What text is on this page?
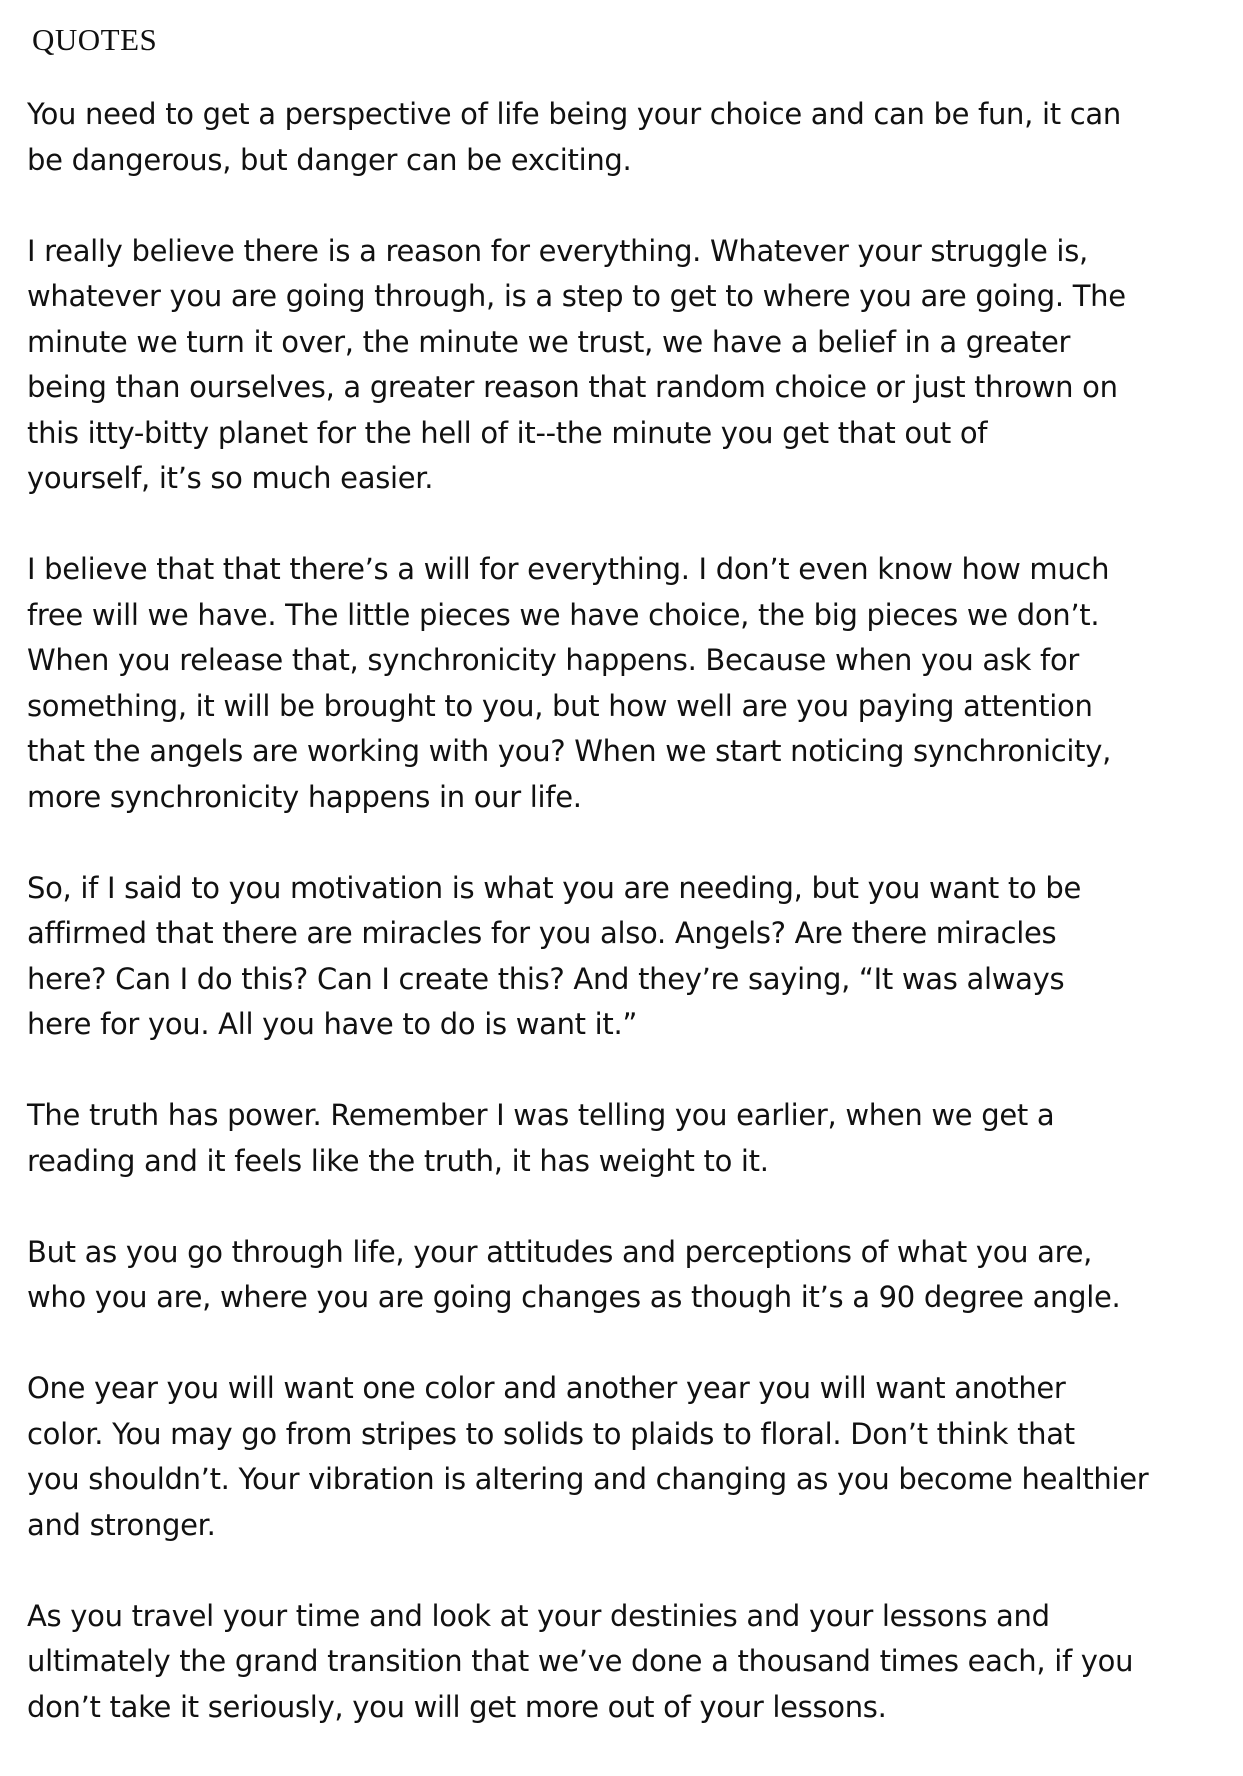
QUOTES

You need to get a perspective of life being your choice and can be fun, it can
be dangerous, but danger can be exciting.

I really believe there is a reason for everything. Whatever your struggle is,
whatever you are going through, is a step to get to where you are going. The
minute we turn it over, the minute we trust, we have a belief in a greater
being than ourselves, a greater reason that random choice or just thrown on
this itty-bitty planet for the hell of it--the minute you get that out of
yourself, it’s so much easier.

I believe that that there’s a will for everything. I don’t even know how much
free will we have. The little pieces we have choice, the big pieces we don’t.
When you release that, synchronicity happens. Because when you ask for
something, it will be brought to you, but how well are you paying attention
that the angels are working with you? When we start noticing synchronicity,
more synchronicity happens in our life.

So, if I said to you motivation is what you are needing, but you want to be
affirmed that there are miracles for you also. Angels? Are there miracles
here? Can I do this? Can I create this? And they’re saying, “It was always
here for you. All you have to do is want it.”

The truth has power. Remember I was telling you earlier, when we get a
reading and it feels like the truth, it has weight to it.

But as you go through life, your attitudes and perceptions of what you are,
who you are, where you are going changes as though it’s a 90 degree angle.

One year you will want one color and another year you will want another
color. You may go from stripes to solids to plaids to floral. Don’t think that
you shouldn’t. Your vibration is altering and changing as you become healthier
and stronger.

As you travel your time and look at your destinies and your lessons and
ultimately the grand transition that we’ve done a thousand times each, if you
don’t take it seriously, you will get more out of your lessons.
